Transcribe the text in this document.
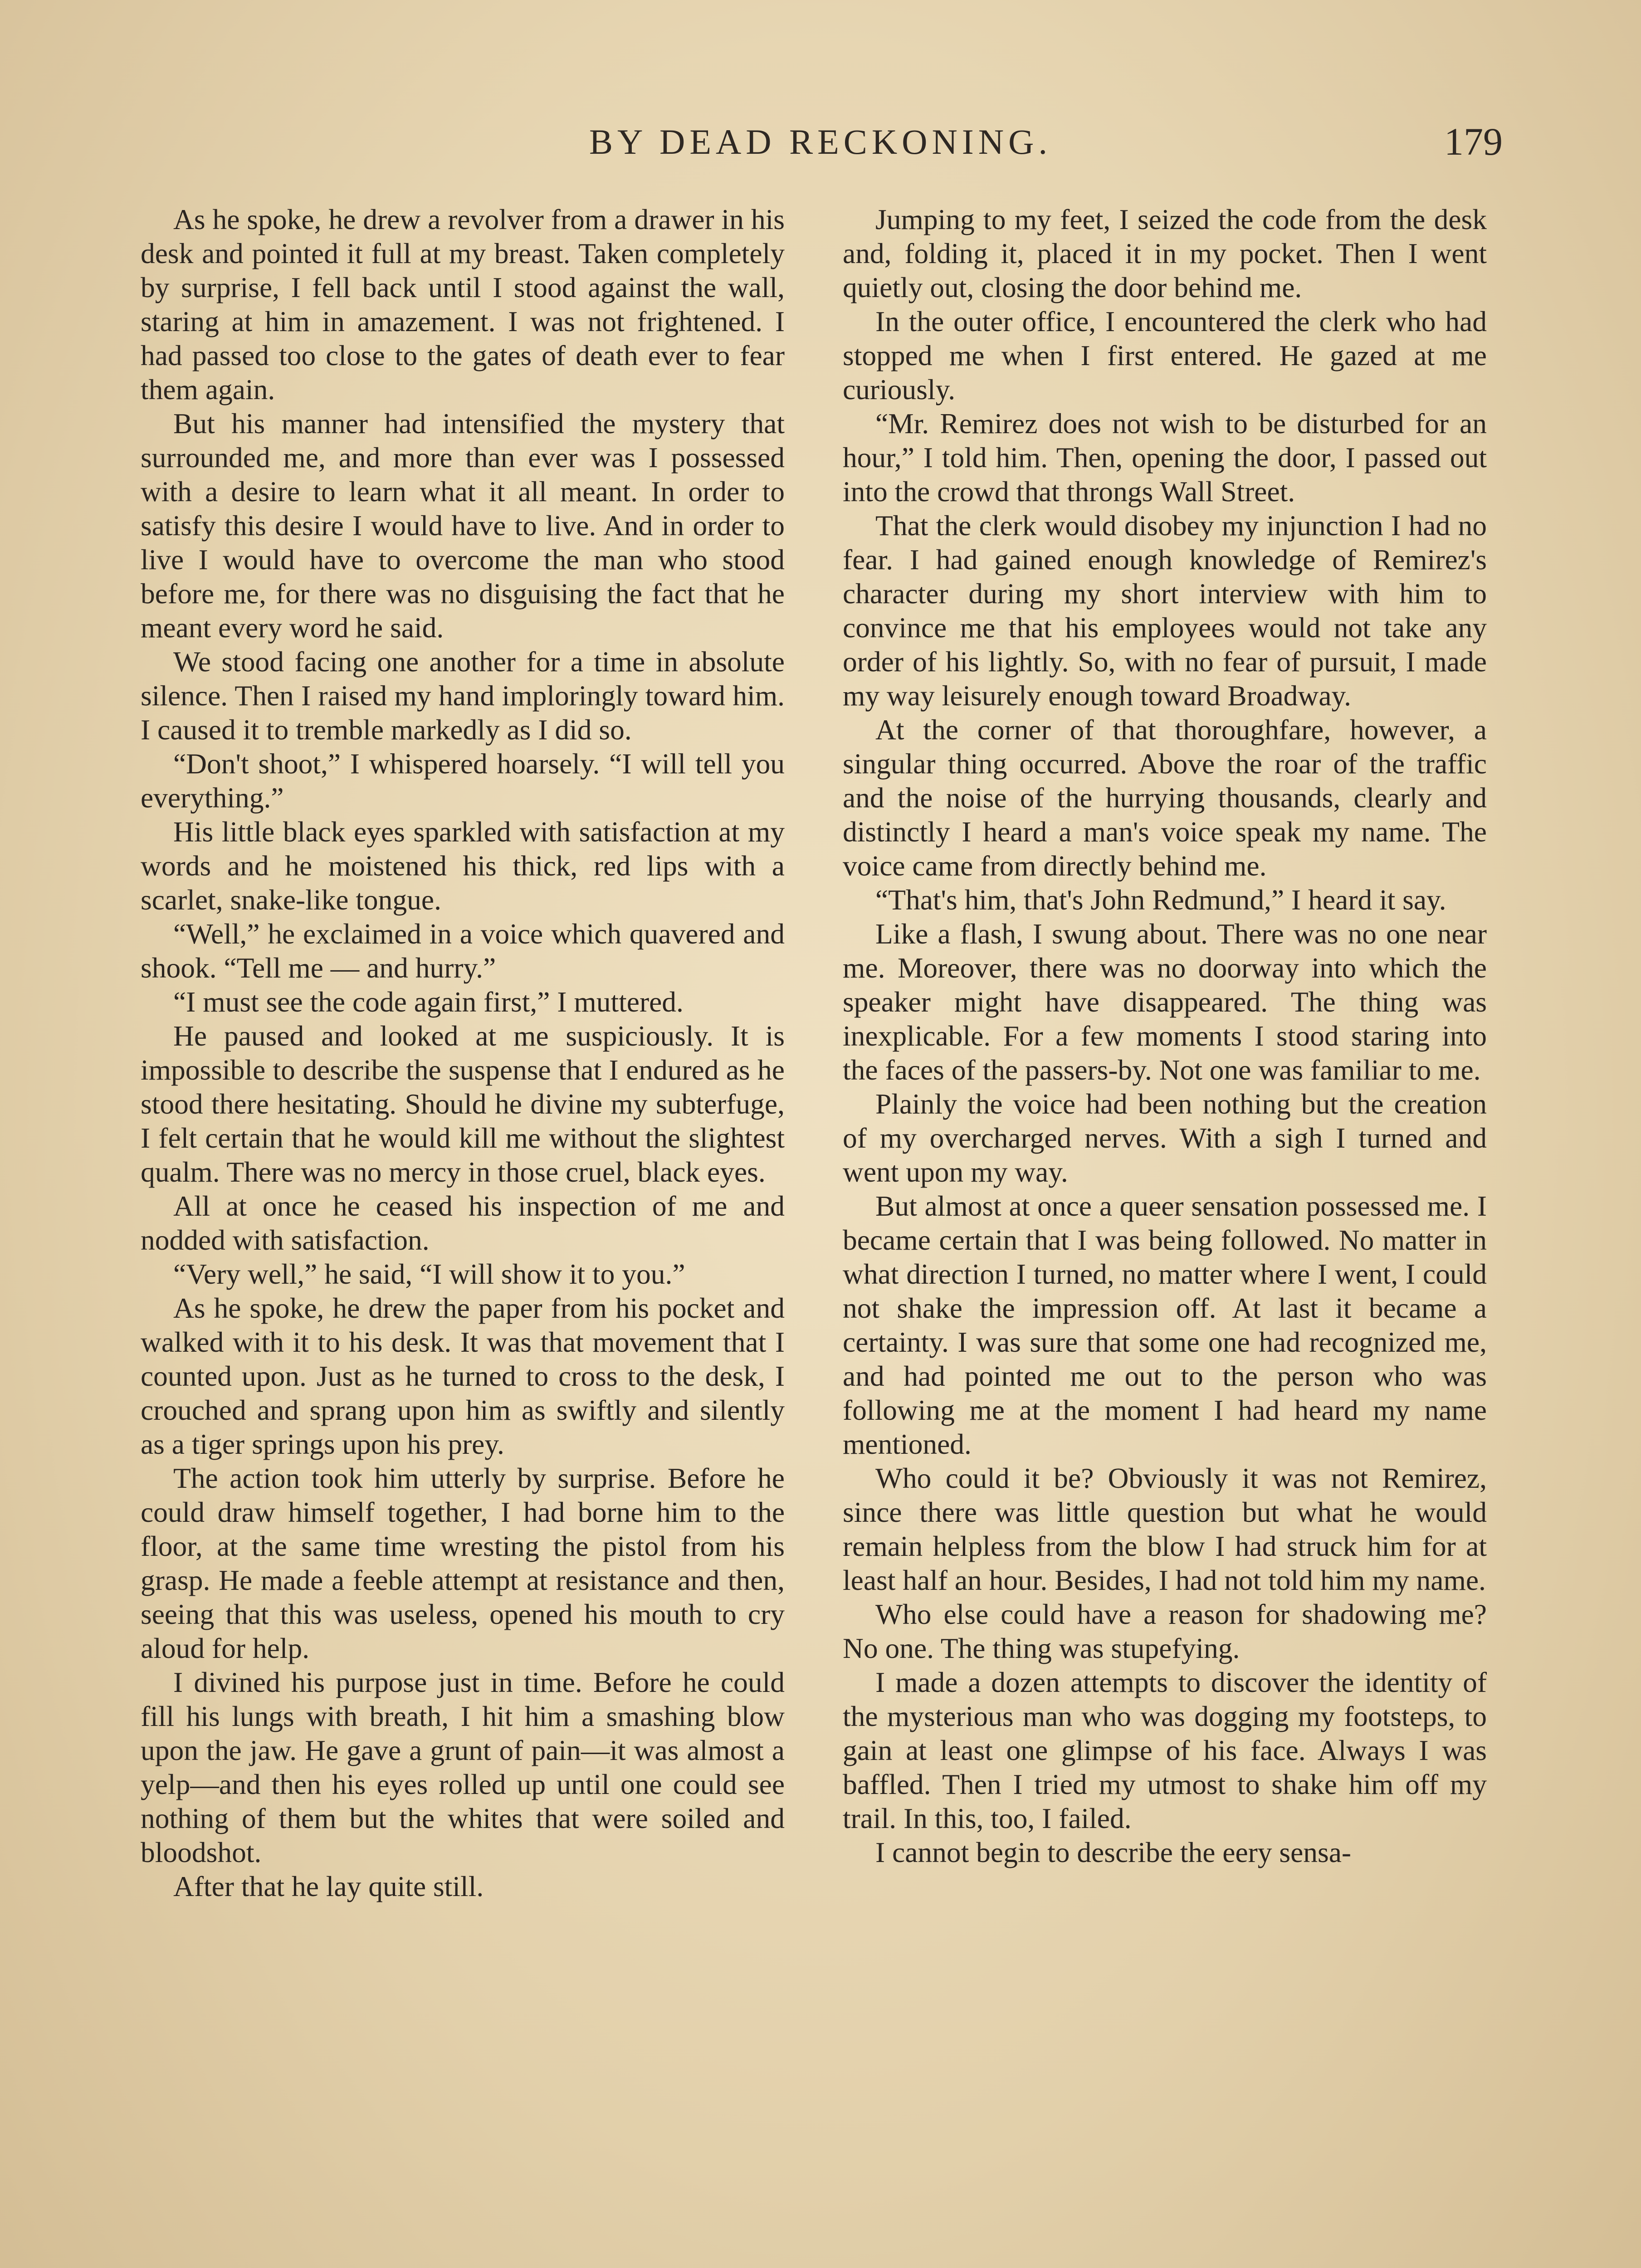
BY DEAD RECKONING.	179

As he spoke, he drew a revolver from a drawer in his desk and pointed it full at my breast. Taken completely by surprise, I fell back until I stood against the wall, staring at him in amazement. I was not frightened. I had passed too close to the gates of death ever to fear them again.

But his manner had intensified the mystery that surrounded me, and more than ever was I possessed with a desire to learn what it all meant. In order to satisfy this desire I would have to live. And in order to live I would have to overcome the man who stood before me, for there was no disguising the fact that he meant every word he said.

We stood facing one another for a time in absolute silence. Then I raised my hand imploringly toward him. I caused it to tremble markedly as I did so.

“Don't shoot,” I whispered hoarsely. “I will tell you everything.”

His little black eyes sparkled with satisfaction at my words and he moistened his thick, red lips with a scarlet, snake-like tongue.

“Well,” he exclaimed in a voice which quavered and shook. “Tell me — and hurry.”

“I must see the code again first,” I muttered.

He paused and looked at me suspiciously. It is impossible to describe the suspense that I endured as he stood there hesitating. Should he divine my subterfuge, I felt certain that he would kill me without the slightest qualm. There was no mercy in those cruel, black eyes.

All at once he ceased his inspection of me and nodded with satisfaction.

“Very well,” he said, “I will show it to you.”

As he spoke, he drew the paper from his pocket and walked with it to his desk. It was that movement that I counted upon. Just as he turned to cross to the desk, I crouched and sprang upon him as swiftly and silently as a tiger springs upon his prey.

The action took him utterly by surprise. Before he could draw himself together, I had borne him to the floor, at the same time wresting the pistol from his grasp. He made a feeble attempt at resistance and then, seeing that this was useless, opened his mouth to cry aloud for help.

I divined his purpose just in time. Before he could fill his lungs with breath, I hit him a smashing blow upon the jaw. He gave a grunt of pain—it was almost a yelp—and then his eyes rolled up until one could see nothing of them but the whites that were soiled and bloodshot.

After that he lay quite still.

Jumping to my feet, I seized the code from the desk and, folding it, placed it in my pocket. Then I went quietly out, closing the door behind me.

In the outer office, I encountered the clerk who had stopped me when I first entered. He gazed at me curiously.

“Mr. Remirez does not wish to be disturbed for an hour,” I told him. Then, opening the door, I passed out into the crowd that throngs Wall Street.

That the clerk would disobey my injunction I had no fear. I had gained enough knowledge of Remirez's character during my short interview with him to convince me that his employees would not take any order of his lightly. So, with no fear of pursuit, I made my way leisurely enough toward Broadway.

At the corner of that thoroughfare, however, a singular thing occurred. Above the roar of the traffic and the noise of the hurrying thousands, clearly and distinctly I heard a man's voice speak my name. The voice came from directly behind me.

“That's him, that's John Redmund,” I heard it say.

Like a flash, I swung about. There was no one near me. Moreover, there was no doorway into which the speaker might have disappeared. The thing was inexplicable. For a few moments I stood staring into the faces of the passers-by. Not one was familiar to me.

Plainly the voice had been nothing but the creation of my overcharged nerves. With a sigh I turned and went upon my way.

But almost at once a queer sensation possessed me. I became certain that I was being followed. No matter in what direction I turned, no matter where I went, I could not shake the impression off. At last it became a certainty. I was sure that some one had recognized me, and had pointed me out to the person who was following me at the moment I had heard my name mentioned.

Who could it be? Obviously it was not Remirez, since there was little question but what he would remain helpless from the blow I had struck him for at least half an hour. Besides, I had not told him my name.

Who else could have a reason for shadowing me? No one. The thing was stupefying.

I made a dozen attempts to discover the identity of the mysterious man who was dogging my footsteps, to gain at least one glimpse of his face. Always I was baffled. Then I tried my utmost to shake him off my trail. In this, too, I failed.

I cannot begin to describe the eery sensa-
